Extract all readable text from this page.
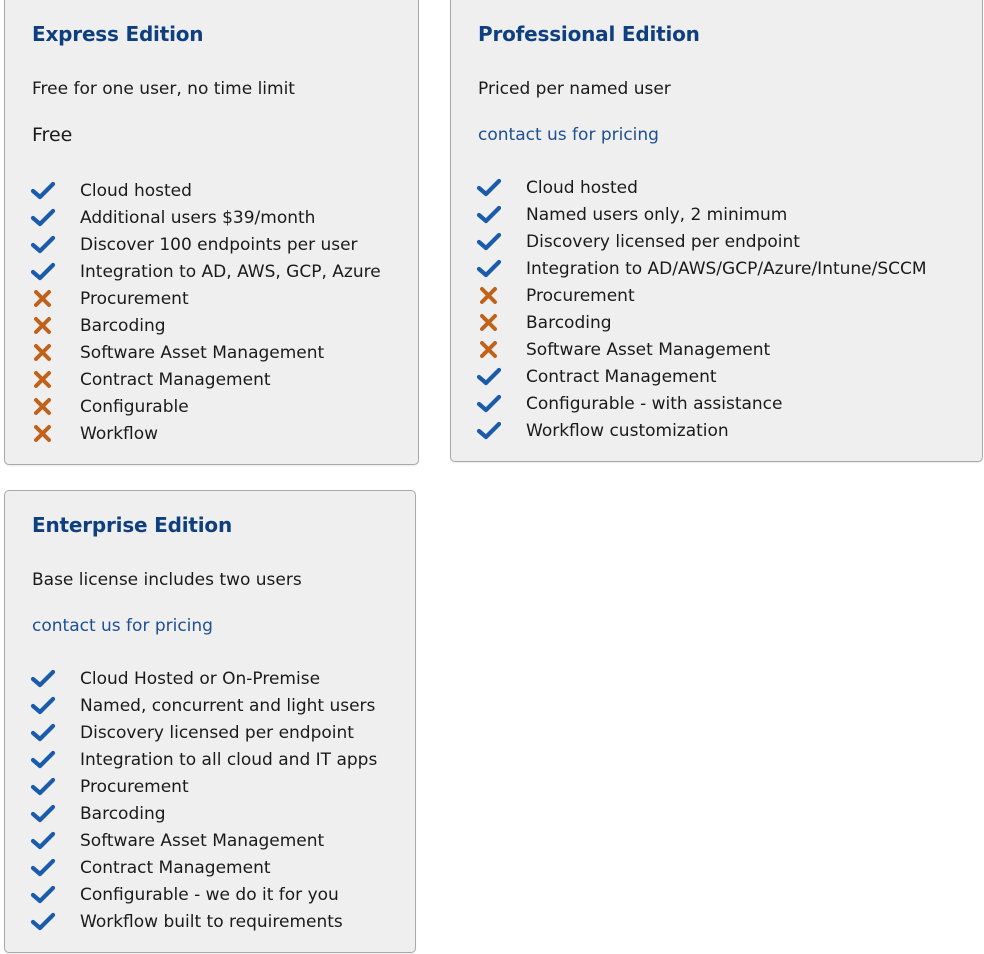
Express Edition
Free for one user, no time limit
Free
Cloud hosted
Additional users $39/month
Discover 100 endpoints per user
Integration to AD, AWS, GCP, Azure
Procurement
Barcoding
Software Asset Management
Contract Management
Configurable
Workflow
Professional Edition
Priced per named user
contact us for pricing
Cloud hosted
Named users only, 2 minimum
Discovery licensed per endpoint
Integration to AD/AWS/GCP/Azure/Intune/SCCM
Procurement
Barcoding
Software Asset Management
Contract Management
Configurable - with assistance
Workflow customization
Enterprise Edition
Base license includes two users
contact us for pricing
Cloud Hosted or On-Premise
Named, concurrent and light users
Discovery licensed per endpoint
Integration to all cloud and IT apps
Procurement
Barcoding
Software Asset Management
Contract Management
Configurable - we do it for you
Workflow built to requirements
